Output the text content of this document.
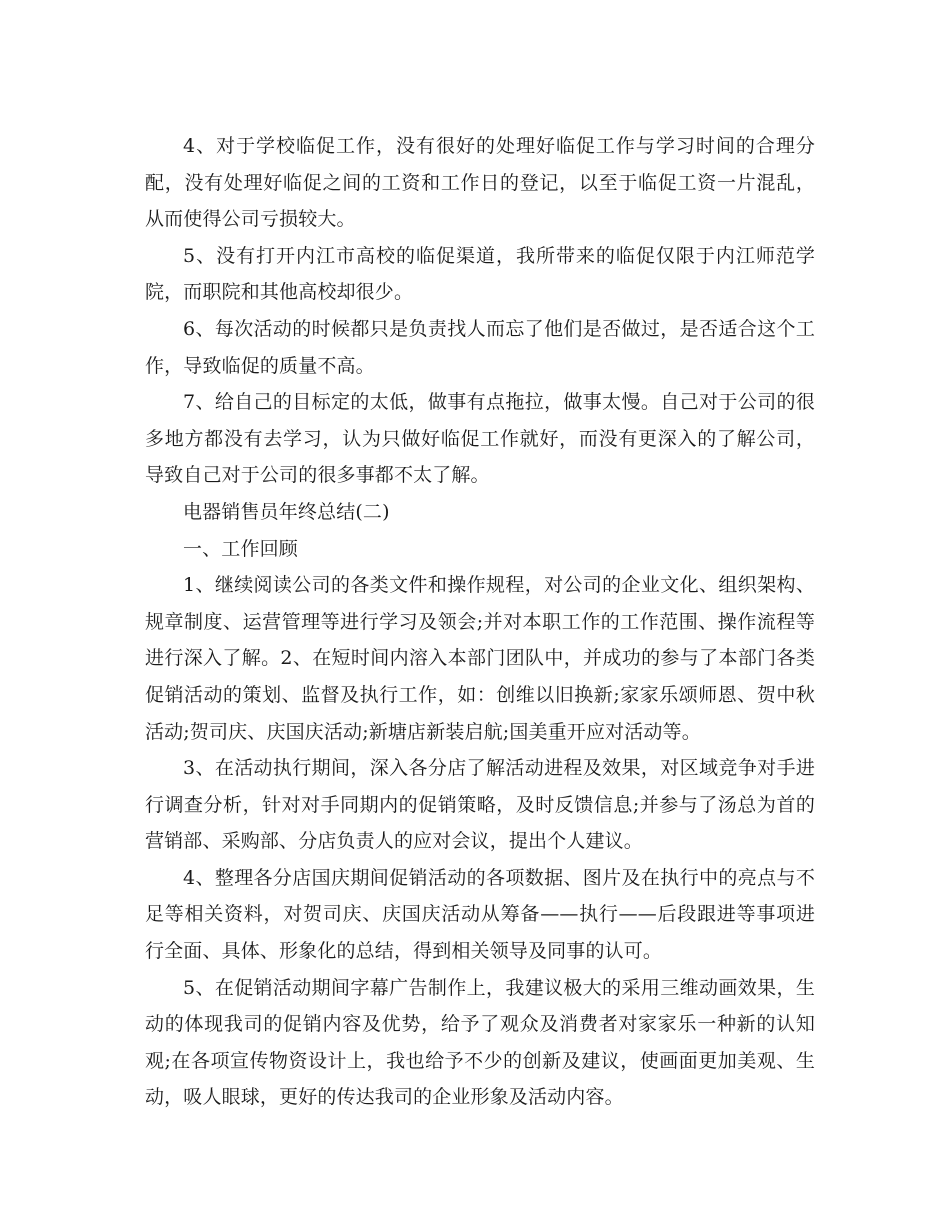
4、对于学校临促工作，没有很好的处理好临促工作与学习时间的合理分配，没有处理好临促之间的工资和工作日的登记，以至于临促工资一片混乱，从而使得公司亏损较大。

5、没有打开内江市高校的临促渠道，我所带来的临促仅限于内江师范学院，而职院和其他高校却很少。

6、每次活动的时候都只是负责找人而忘了他们是否做过，是否适合这个工作，导致临促的质量不高。

7、给自己的目标定的太低，做事有点拖拉，做事太慢。自己对于公司的很多地方都没有去学习，认为只做好临促工作就好，而没有更深入的了解公司，导致自己对于公司的很多事都不太了解。

电器销售员年终总结(二)

一、工作回顾

1、继续阅读公司的各类文件和操作规程，对公司的企业文化、组织架构、规章制度、运营管理等进行学习及领会;并对本职工作的工作范围、操作流程等进行深入了解。2、在短时间内溶入本部门团队中，并成功的参与了本部门各类促销活动的策划、监督及执行工作，如：创维以旧换新;家家乐颂师恩、贺中秋活动;贺司庆、庆国庆活动;新塘店新装启航;国美重开应对活动等。

3、在活动执行期间，深入各分店了解活动进程及效果，对区域竞争对手进行调查分析，针对对手同期内的促销策略，及时反馈信息;并参与了汤总为首的营销部、采购部、分店负责人的应对会议，提出个人建议。

4、整理各分店国庆期间促销活动的各项数据、图片及在执行中的亮点与不足等相关资料，对贺司庆、庆国庆活动从筹备——执行——后段跟进等事项进行全面、具体、形象化的总结，得到相关领导及同事的认可。

5、在促销活动期间字幕广告制作上，我建议极大的采用三维动画效果，生动的体现我司的促销内容及优势，给予了观众及消费者对家家乐一种新的认知观;在各项宣传物资设计上，我也给予不少的创新及建议，使画面更加美观、生动，吸人眼球，更好的传达我司的企业形象及活动内容。
